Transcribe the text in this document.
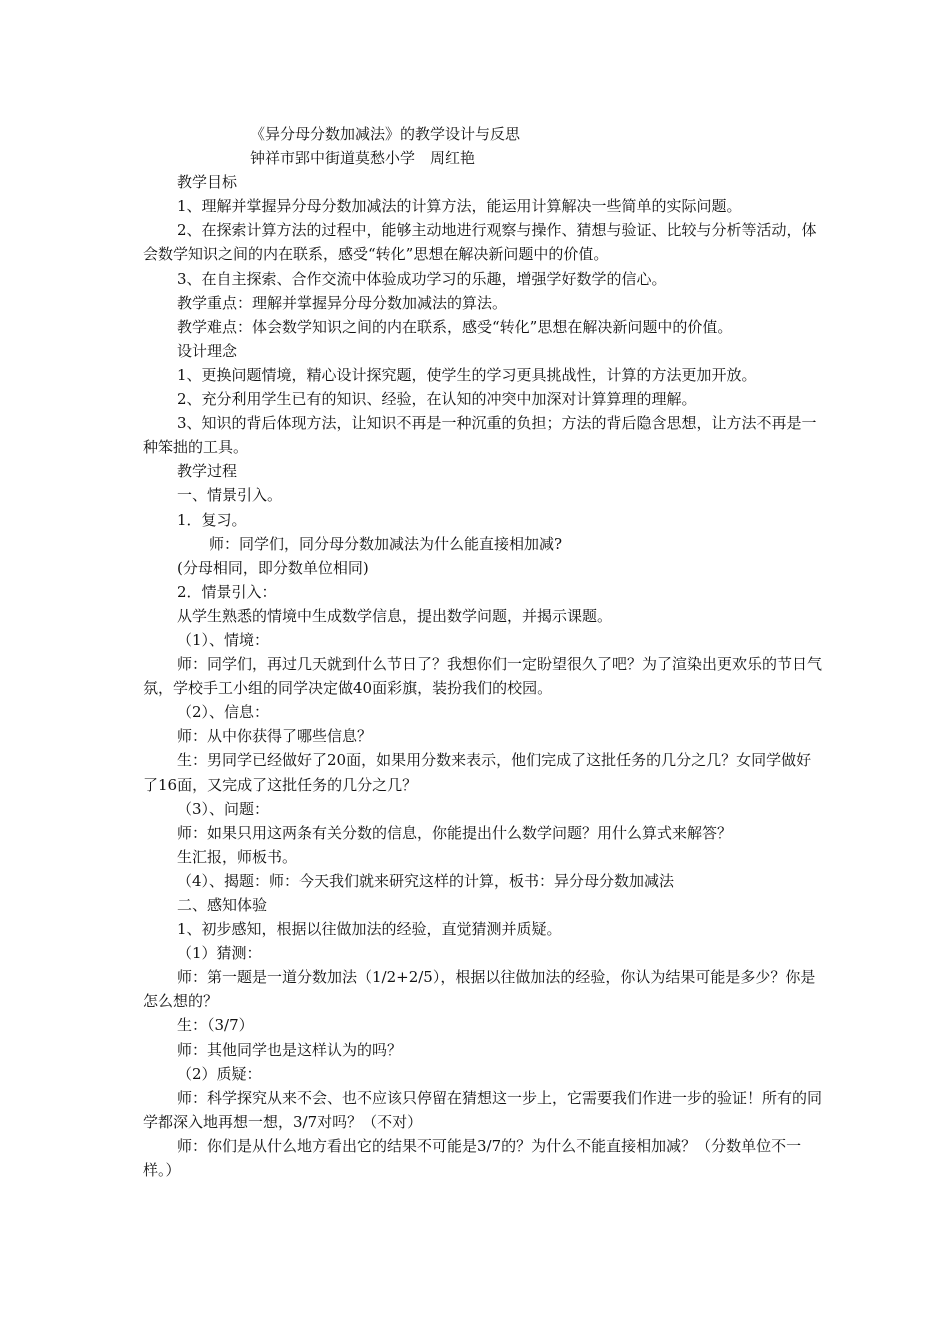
《异分母分数加减法》的教学设计与反思
钟祥市郢中街道莫愁小学　周红艳
教学目标
1、理解并掌握异分母分数加减法的计算方法，能运用计算解决一些简单的实际问题。
2、在探索计算方法的过程中，能够主动地进行观察与操作、猜想与验证、比较与分析等活动，体会数学知识之间的内在联系，感受“转化”思想在解决新问题中的价值。
3、在自主探索、合作交流中体验成功学习的乐趣，增强学好数学的信心。
教学重点：理解并掌握异分母分数加减法的算法。
教学难点：体会数学知识之间的内在联系，感受“转化”思想在解决新问题中的价值。
设计理念
1、更换问题情境，精心设计探究题，使学生的学习更具挑战性，计算的方法更加开放。
2、充分利用学生已有的知识、经验，在认知的冲突中加深对计算算理的理解。
3、知识的背后体现方法，让知识不再是一种沉重的负担；方法的背后隐含思想，让方法不再是一种笨拙的工具。
教学过程
一、情景引入。
1．复习。
师：同学们，同分母分数加减法为什么能直接相加减?
(分母相同，即分数单位相同)
2．情景引入：
从学生熟悉的情境中生成数学信息，提出数学问题，并揭示课题。
（1）、情境：
师：同学们，再过几天就到什么节日了？我想你们一定盼望很久了吧？为了渲染出更欢乐的节日气氛，学校手工小组的同学决定做40面彩旗，装扮我们的校园。
（2）、信息：
师：从中你获得了哪些信息？
生：男同学已经做好了20面，如果用分数来表示，他们完成了这批任务的几分之几？女同学做好了16面，又完成了这批任务的几分之几？
（3）、问题：
师：如果只用这两条有关分数的信息，你能提出什么数学问题？用什么算式来解答？
生汇报，师板书。
（4）、揭题：师：今天我们就来研究这样的计算，板书：异分母分数加减法
二、感知体验
1、初步感知，根据以往做加法的经验，直觉猜测并质疑。
（1）猜测：
师：第一题是一道分数加法（1/2+2/5），根据以往做加法的经验，你认为结果可能是多少？你是怎么想的？
生：（3/7）
师：其他同学也是这样认为的吗？
（2）质疑：
师：科学探究从来不会、也不应该只停留在猜想这一步上，它需要我们作进一步的验证！所有的同学都深入地再想一想，3/7对吗？（不对）
师：你们是从什么地方看出它的结果不可能是3/7的？为什么不能直接相加减？（分数单位不一样。）
